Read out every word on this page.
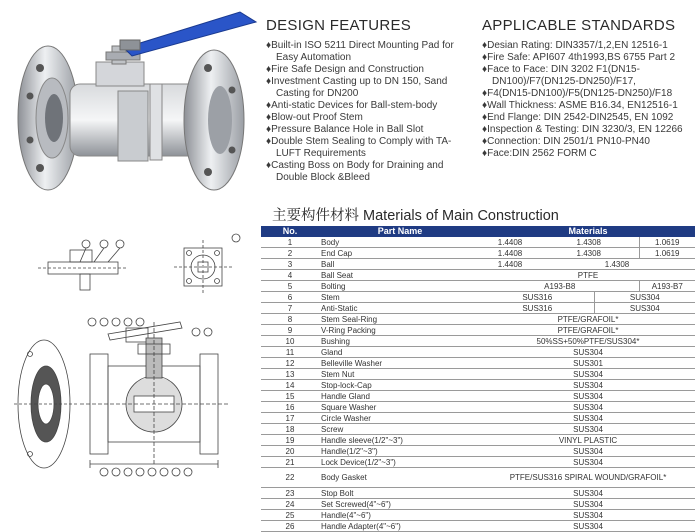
DESIGN FEATURES
♦Built-in ISO 5211 Direct Mounting Pad for
Easy Automation
♦Fire Safe Design and Construction
♦Investment Casting up to DN 150, Sand
Casting for DN200
♦Anti-static Devices for Ball-stem-body
♦Blow-out Proof Stem
♦Pressure Balance Hole in Ball Slot
♦Double Stem Sealing to Comply with TA-
LUFT Requirements
♦Casting Boss on Body for Draining and
Double Block &Bleed
APPLICABLE STANDARDS
♦Desian Rating: DIN3357/1,2,EN 12516-1
♦Fire Safe: API607 4th1993,BS 6755 Part 2
♦Face to Face: DIN 3202 F1(DN15-
DN100)/F7(DN125-DN250)/F17,
♦F4(DN15-DN100)/F5(DN125-DN250)/F18
♦Wall Thickness: ASME B16.34, EN12516-1
♦End Flange: DIN 2542-DIN2545, EN 1092
♦Inspection & Testing: DIN 3230/3, EN 12266
♦Connection: DIN 2501/1 PN10-PN40
♦Face:DIN 2562 FORM C
主要构件材料 Materials of Main Construction
No.	Part Name	Materials			
1	Body	1.4408	1.4308		1.0619
2	End Cap	1.4408	1.4308		1.0619
3	Ball	1.4408	1.4308		
4	Ball Seat	PTFE			
5	Bolting	A193-B8			A193-B7
6	Stem	SUS316		SUS304	
7	Anti-Static	SUS316		SUS304	
8	Stem Seal-Ring	PTFE/GRAFOIL*			
9	V-Ring Packing	PTFE/GRAFOIL*			
10	Bushing	50%SS+50%PTFE/SUS304*			
11	Gland	SUS304			
12	Belleville Washer	SUS301			
13	Stem Nut	SUS304			
14	Stop-lock-Cap	SUS304			
15	Handle Gland	SUS304			
16	Square Washer	SUS304			
17	Circle Washer	SUS304			
18	Screw	SUS304			
19	Handle sleeve(1/2"~3")	VINYL PLASTIC			
20	Handle(1/2"~3")	SUS304			
21	Lock Device(1/2"~3")	SUS304			
22	Body Gasket	PTFE/SUS316 SPIRAL WOUND/GRAFOIL*			
23	Stop Bolt	SUS304			
24	Set Screwed(4"~6")	SUS304			
25	Handle(4"~6")	SUS304			
26	Handle Adapter(4"~6")	SUS304			
